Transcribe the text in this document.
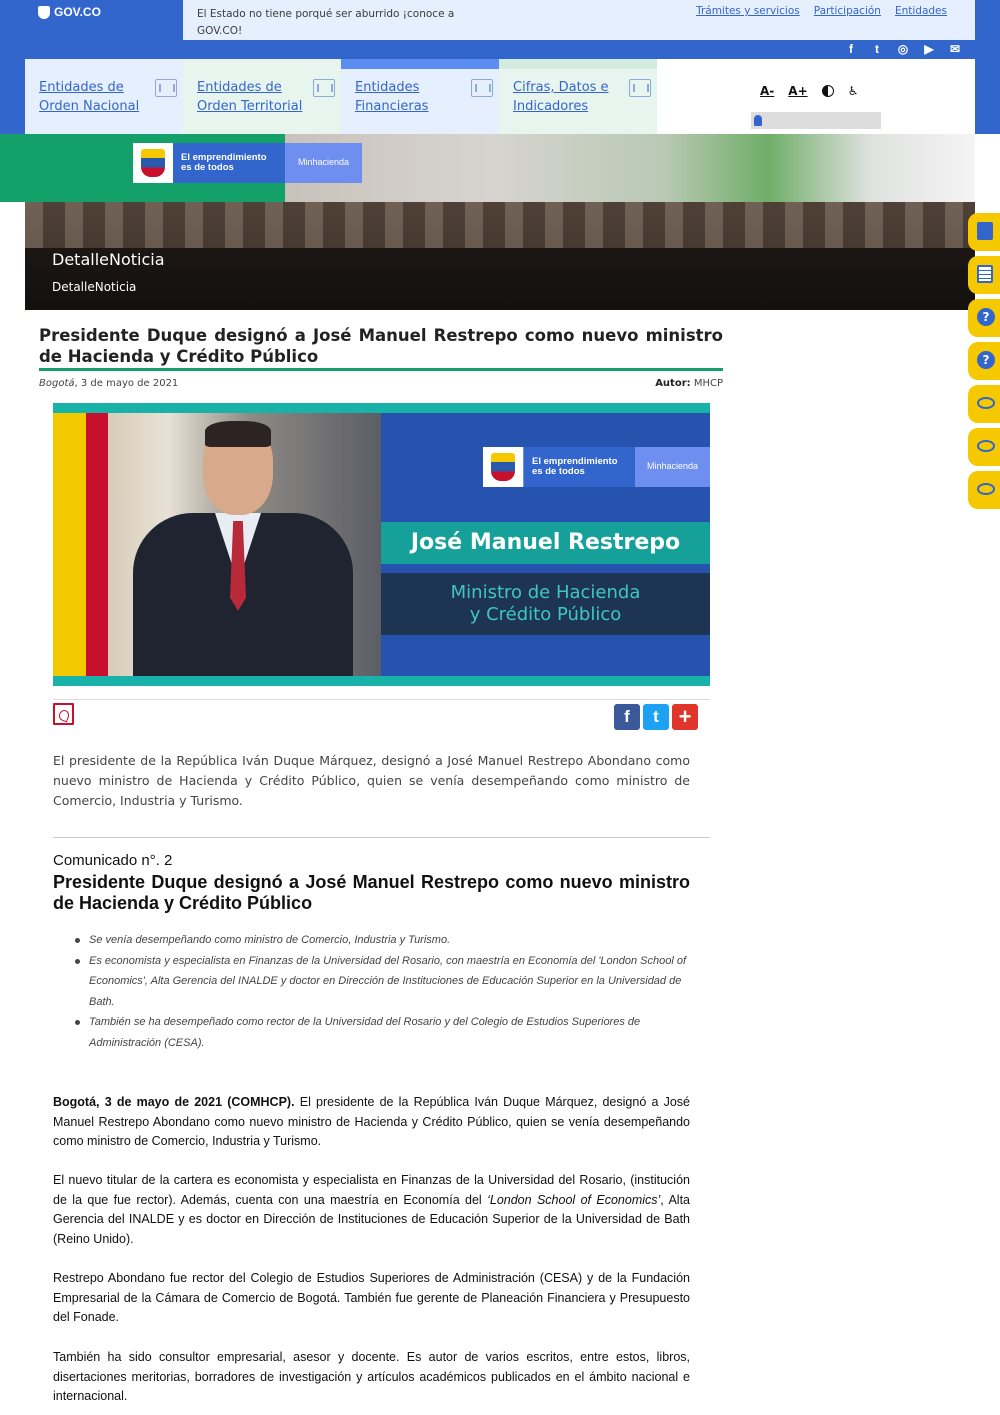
GOV.CO	El Estado no tiene porqué ser aburrido ¡conoce a GOV.CO!
Trámites y servicios Participación Entidades
f	t	◎ ▶ ✉
Entidades de Orden Nacional
Entidades de Orden Territorial
Entidades Financieras
Cifras, Datos e Indicadores
A- A+	♿
El emprendimiento es de todos	Minhacienda
DetalleNoticia
DetalleNoticia
?
?
Presidente Duque designó a José Manuel Restrepo como nuevo ministro de Hacienda y Crédito Público
Bogotá, 3 de mayo de 2021	Autor: MHCP
El emprendimiento es de todos	Minhacienda
José Manuel Restrepo
Ministro de Hacienda
y Crédito Público
f	t +

El presidente de la República Iván Duque Márquez, designó a José Manuel Restrepo Abondano como nuevo ministro de Hacienda y Crédito Público, quien se venía desempeñando como ministro de Comercio, Industria y Turismo.

Comunicado n°. 2
Presidente Duque designó a José Manuel Restrepo como nuevo ministro de Hacienda y Crédito Público
Se venía desempeñando como ministro de Comercio, Industria y Turismo.
Es economista y especialista en Finanzas de la Universidad del Rosario, con maestría en Economía del 'London School of Economics', Alta Gerencia del INALDE y doctor en Dirección de Instituciones de Educación Superior en la Universidad de Bath.
También se ha desempeñado como rector de la Universidad del Rosario y del Colegio de Estudios Superiores de Administración (CESA).

Bogotá, 3 de mayo de 2021 (COMHCP). El presidente de la República Iván Duque Márquez, designó a José Manuel Restrepo Abondano como nuevo ministro de Hacienda y Crédito Público, quien se venía desempeñando como ministro de Comercio, Industria y Turismo.

El nuevo titular de la cartera es economista y especialista en Finanzas de la Universidad del Rosario, (institución de la que fue rector). Además, cuenta con una maestría en Economía del ‘London School of Economics’, Alta Gerencia del INALDE y es doctor en Dirección de Instituciones de Educación Superior de la Universidad de Bath (Reino Unido).

Restrepo Abondano fue rector del Colegio de Estudios Superiores de Administración (CESA) y de la Fundación Empresarial de la Cámara de Comercio de Bogotá. También fue gerente de Planeación Financiera y Presupuesto del Fonade.

También ha sido consultor empresarial, asesor y docente. Es autor de varios escritos, entre estos, libros, disertaciones meritorias, borradores de investigación y artículos académicos publicados en el ámbito nacional e internacional.
